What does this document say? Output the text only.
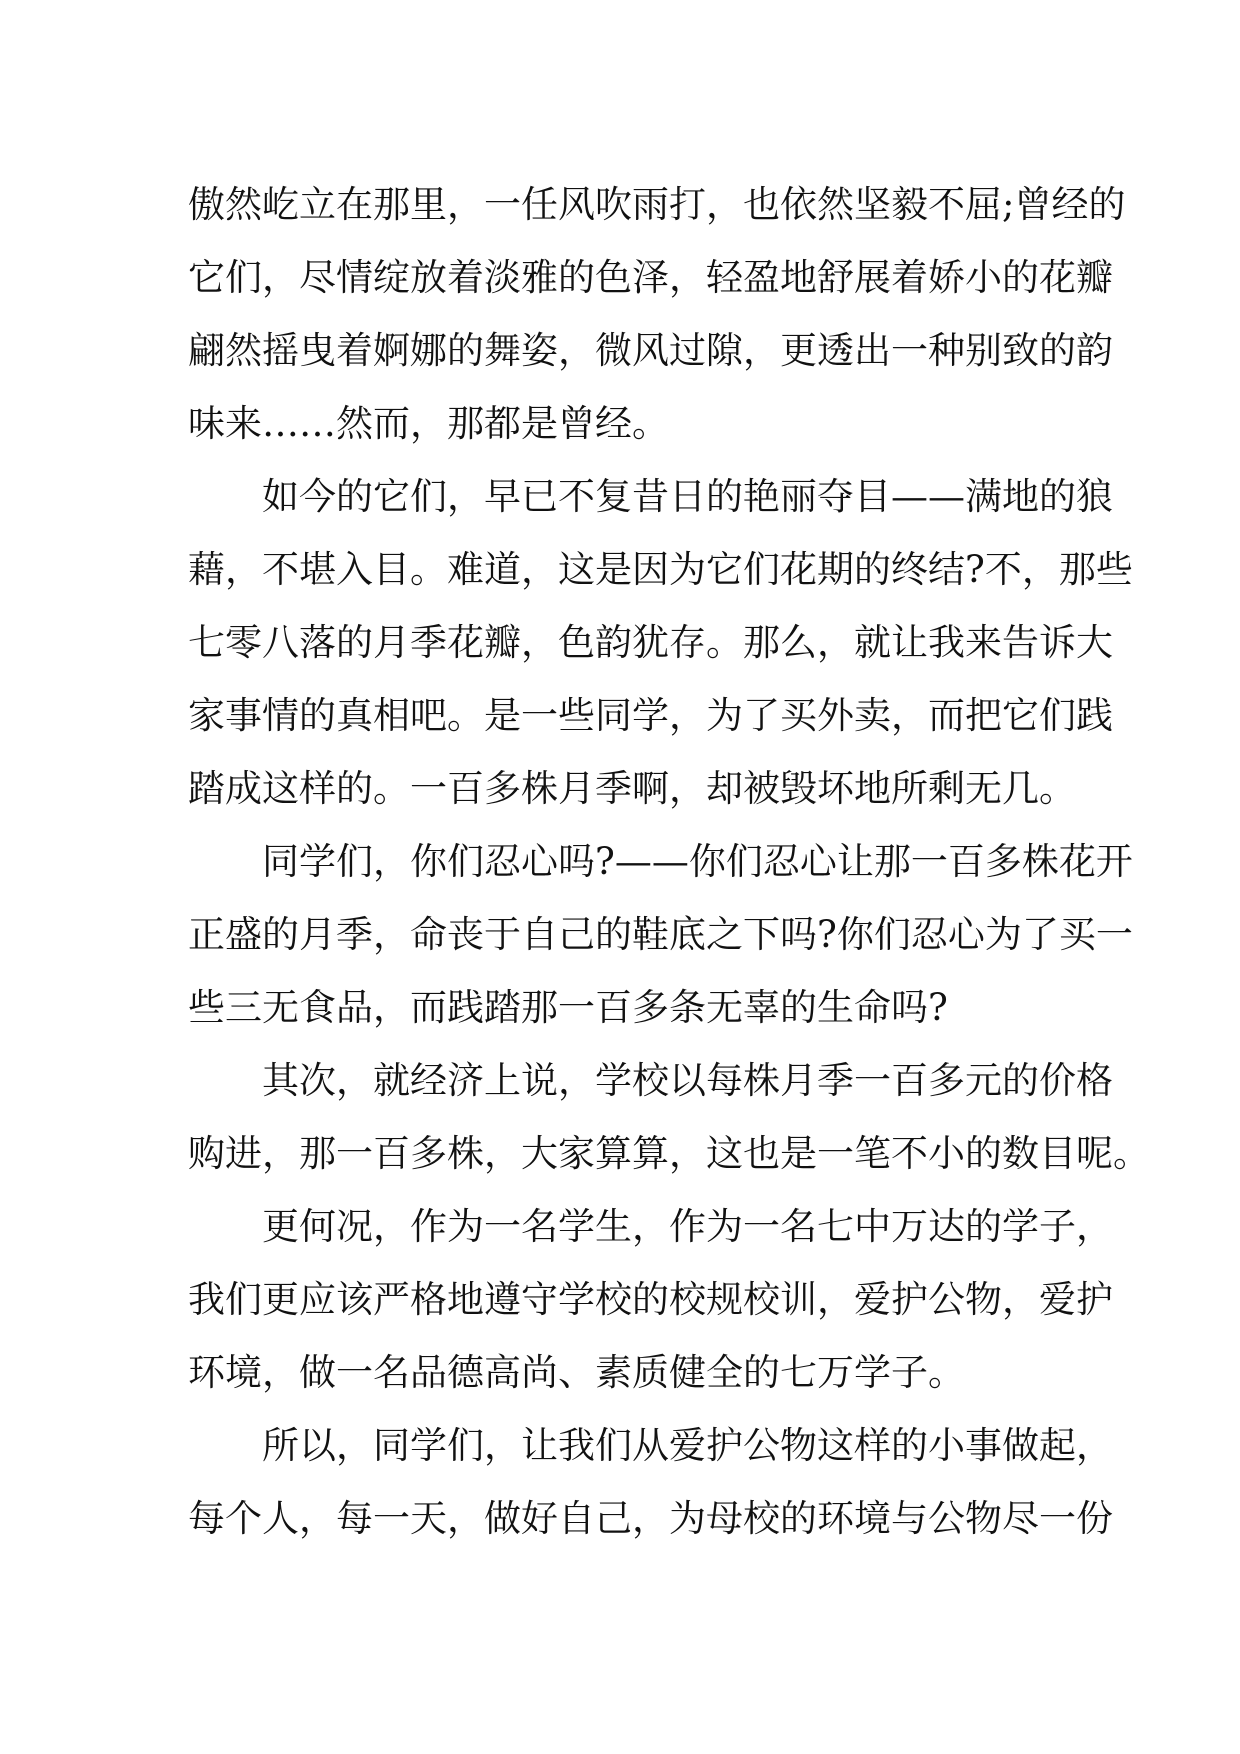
傲然屹立在那里，一任风吹雨打，也依然坚毅不屈;曾经的
它们，尽情绽放着淡雅的色泽，轻盈地舒展着娇小的花瓣
翩然摇曳着婀娜的舞姿，微风过隙，更透出一种别致的韵
味来……然而，那都是曾经。
如今的它们，早已不复昔日的艳丽夺目——满地的狼
藉，不堪入目。难道，这是因为它们花期的终结?不，那些
七零八落的月季花瓣，色韵犹存。那么，就让我来告诉大
家事情的真相吧。是一些同学，为了买外卖，而把它们践
踏成这样的。一百多株月季啊，却被毁坏地所剩无几。
同学们，你们忍心吗?——你们忍心让那一百多株花开
正盛的月季，命丧于自己的鞋底之下吗?你们忍心为了买一
些三无食品，而践踏那一百多条无辜的生命吗?
其次，就经济上说，学校以每株月季一百多元的价格
购进，那一百多株，大家算算，这也是一笔不小的数目呢。
更何况，作为一名学生，作为一名七中万达的学子，
我们更应该严格地遵守学校的校规校训，爱护公物，爱护
环境，做一名品德高尚、素质健全的七万学子。
所以，同学们，让我们从爱护公物这样的小事做起，
每个人，每一天，做好自己，为母校的环境与公物尽一份
